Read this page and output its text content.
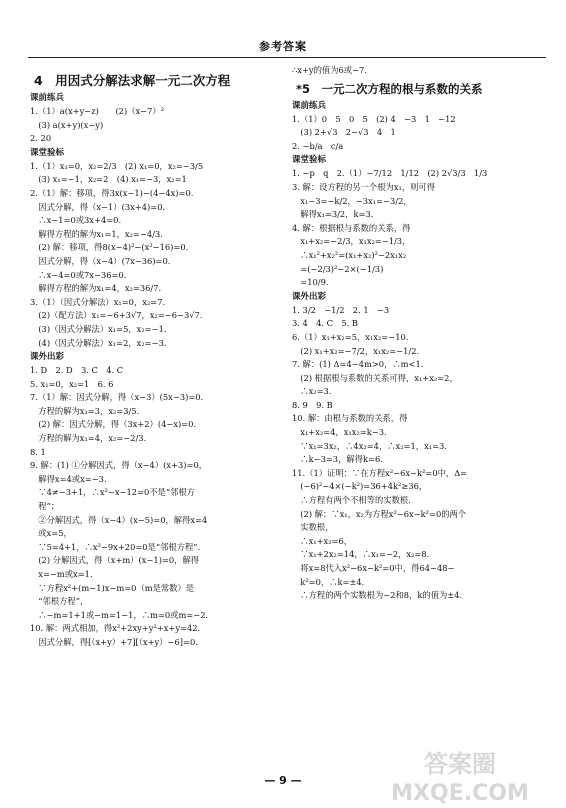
参考答案
4　用因式分解法求解一元二次方程
课前练兵
1.（1）a(x+y−z)　　(2)（x−7）²
　(3) a(x+y)(x−y)
2. 20
课堂验标
1.（1）x₁=0，x₂=2/3　(2) x₁=0，x₂=−3/5
　(3) x₁=−1，x₂=2　(4) x₁=−3，x₂=1
2.（1）解：移项，得3x(x−1)−(4−4x)=0.
　因式分解，得（x−1）(3x+4)=0.
　∴x−1=0或3x+4=0.
　解得方程的解为x₁=1，x₂=−4/3.
　(2) 解：移项，得8(x−4)²−(x²−16)=0.
　因式分解，得（x−4）(7x−36)=0.
　∴x−4=0或7x−36=0.
　解得方程的解为x₁=4，x₂=36/7.
3.（1）（因式分解法）x₁=0，x₂=7.
　(2)（配方法）x₁=−6+3√7，x₂=−6−3√7.
　(3)（因式分解法）x₁=5，x₂=−1.
　(4)（因式分解法）x₁=2，x₂=−3.
课外出彩
1. D　2. D　3. C　4. C
5. x₁=0，x₂=1　6. 6
7.（1）解：因式分解，得（x−3）(5x−3)=0.
　方程的解为x₁=3，x₂=3/5.
　(2) 解：因式分解，得（3x+2）(4−x)=0.
　方程的解为x₁=4，x₂=−2/3.
8. 1
9. 解：(1) ①分解因式，得（x−4）(x+3)=0，
　解得x=4或x=−3.
　∵4≠−3+1，∴x²−x−12=0不是“邻根方
　程”；
　②分解因式，得（x−4）(x−5)=0，解得x=4
　或x=5，
　∵5=4+1，∴x²−9x+20=0是“邻根方程”.
　(2) 分解因式，得（x+m）(x−1)=0，解得
　x=−m或x=1.
　∵方程x²+(m−1)x−m=0（m是常数）是
　“邻根方程”，
　∴−m=1+1或−m=1−1，∴m=0或m=−2.
10. 解：两式相加，得x²+2xy+y²+x+y=42.
　因式分解，得[（x+y）+7][（x+y）−6]=0.
∴x+y的值为6或−7.
*5　一元二次方程的根与系数的关系
课前练兵
1.（1）0　5　0　5　(2) 4　−3　1　−12
　(3) 2+√3　2−√3　4　1
2. −b/a　c/a
课堂验标
1. −p　q　2.（1）−7/12　1/12　(2) 2√3/3　1/3
3. 解：设方程的另一个根为x₁，则可得
　x₁−3=−k/2，−3x₁=−3/2，
　解得x₁=3/2，k=3.
4. 解：根据根与系数的关系，得
　x₁+x₂=−2/3，x₁x₂=−1/3，
　∴x₁²+x₂²=(x₁+x₂)²−2x₁x₂
　=(−2/3)²−2×(−1/3)
　=10/9.
课外出彩
1. 3/2　−1/2　2. 1　−3
3. 4　4. C　5. B
6.（1）x₁+x₂=5，x₁x₂=−10.
　(2) x₁+x₂=−7/2，x₁x₂=−1/2.
7. 解：(1) Δ=4−4m>0，∴m<1.
　(2) 根据根与系数的关系可得，x₁+x₂=2，
　∴x₂=3.
8. 9　9. B
10. 解：由根与系数的关系，得
　x₁+x₂=4，x₁x₂=k−3.
　∵x₁=3x₂，∴4x₂=4，∴x₂=1，x₁=3.
　∴k−3=3，解得k=6.
11.（1）证明：∵在方程x²−6x−k²=0中，Δ=
　(−6)²−4×(−k²)=36+4k²≥36，
　∴方程有两个不相等的实数根.
　(2) 解：∵x₁，x₂为方程x²−6x−k²=0的两个
　实数根，
　∴x₁+x₂=6，
　∵x₁+2x₂=14，∴x₁=−2，x₂=8.
　将x=8代入x²−6x−k²=0中，得64−48−
　k²=0，∴k=±4.
　∴方程的两个实数根为−2和8，k的值为±4.
— 9 —
答案圈
MXQE.COM
